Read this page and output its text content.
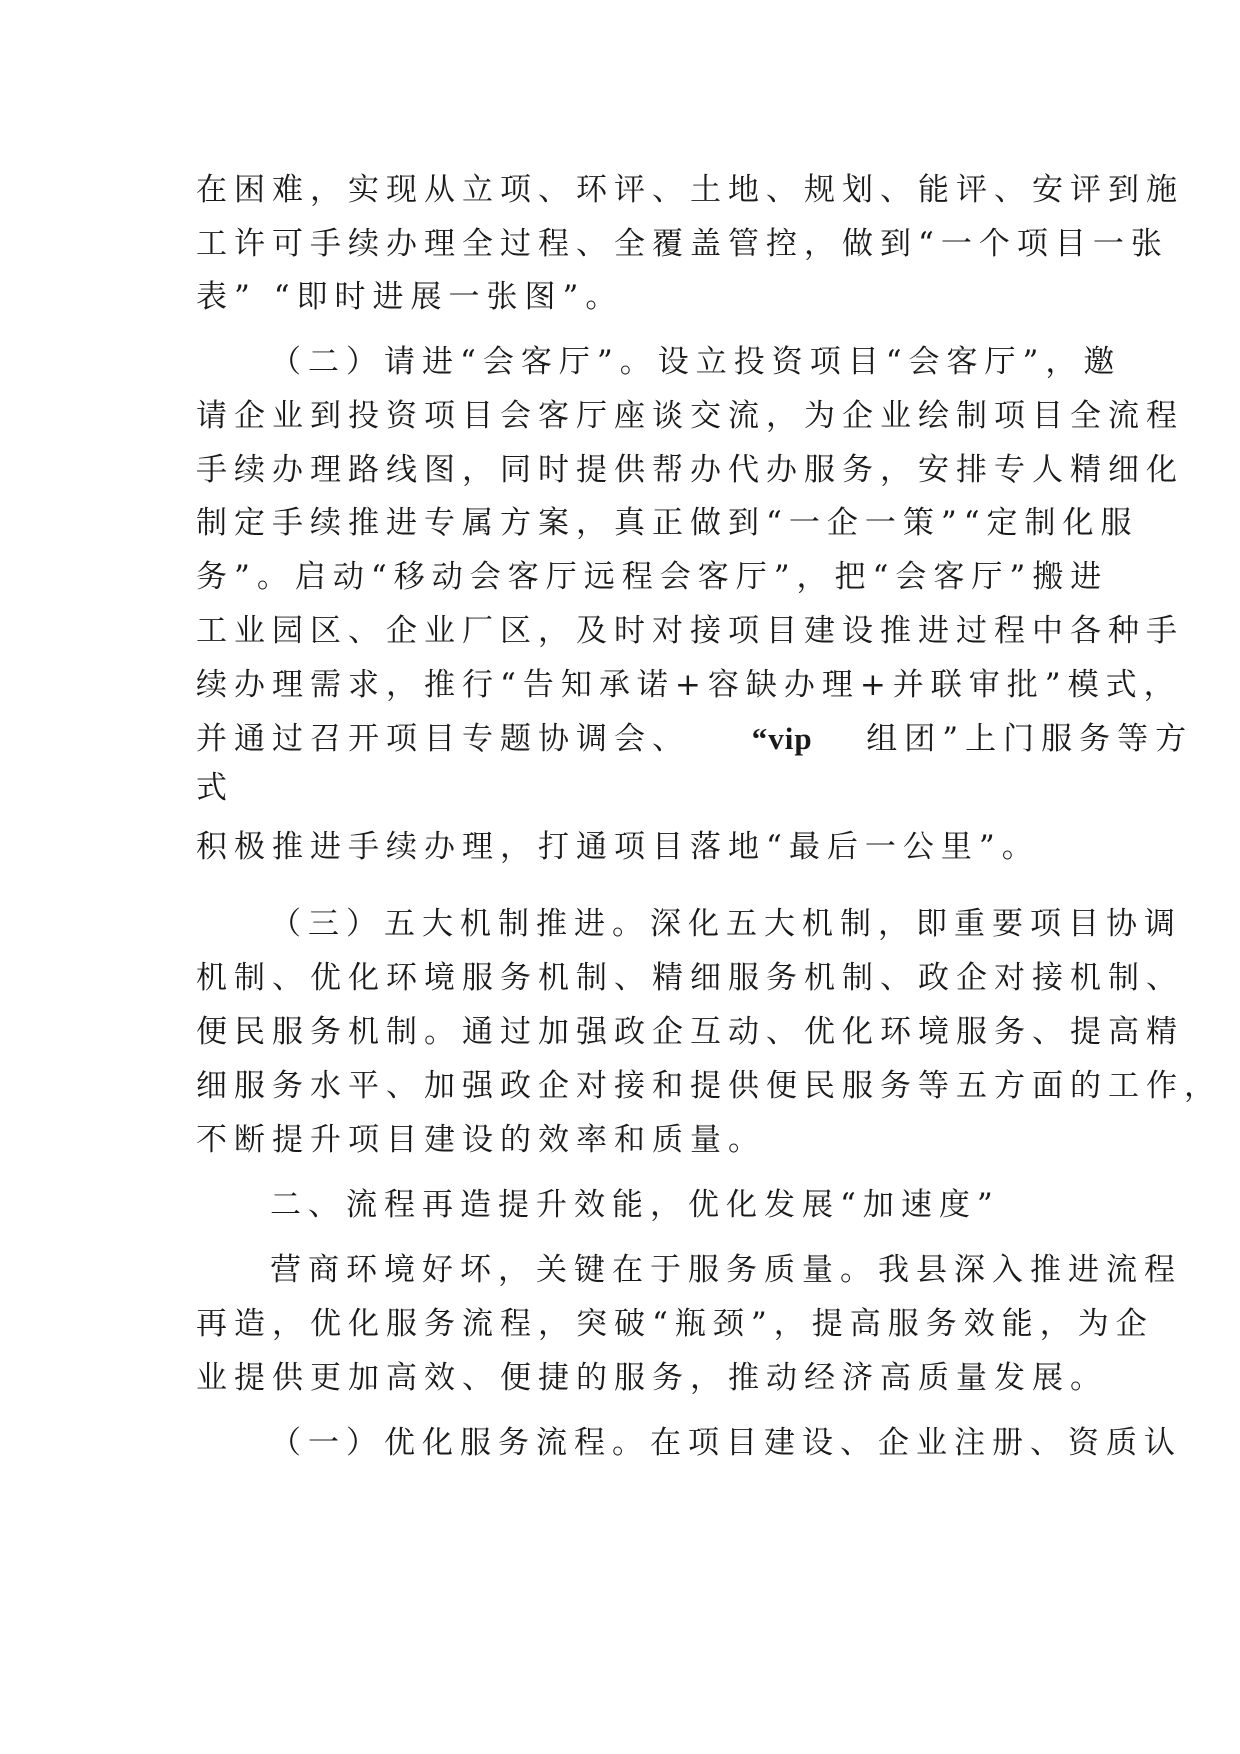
在困难，实现从立项、环评、土地、规划、能评、安评到施
工许可手续办理全过程、全覆盖管控，做到“一个项目一张
表” “即时进展一张图”。
（二）请进“会客厅”。设立投资项目“会客厅”，邀
请企业到投资项目会客厅座谈交流，为企业绘制项目全流程
手续办理路线图，同时提供帮办代办服务，安排专人精细化
制定手续推进专属方案，真正做到“一企一策”“定制化服
务”。启动“移动会客厅远程会客厅”，把“会客厅”搬进
工业园区、企业厂区，及时对接项目建设推进过程中各种手
续办理需求，推行“告知承诺+容缺办理+并联审批”模式，
并通过召开项目专题协调会、 “vip 组团”上门服务等方
式
积极推进手续办理，打通项目落地“最后一公里”。
（三）五大机制推进。深化五大机制，即重要项目协调
机制、优化环境服务机制、精细服务机制、政企对接机制、
便民服务机制。通过加强政企互动、优化环境服务、提高精
细服务水平、加强政企对接和提供便民服务等五方面的工作，
不断提升项目建设的效率和质量。
二、流程再造提升效能，优化发展“加速度”
营商环境好坏，关键在于服务质量。我县深入推进流程
再造，优化服务流程，突破“瓶颈”，提高服务效能，为企
业提供更加高效、便捷的服务，推动经济高质量发展。
（一）优化服务流程。在项目建设、企业注册、资质认
